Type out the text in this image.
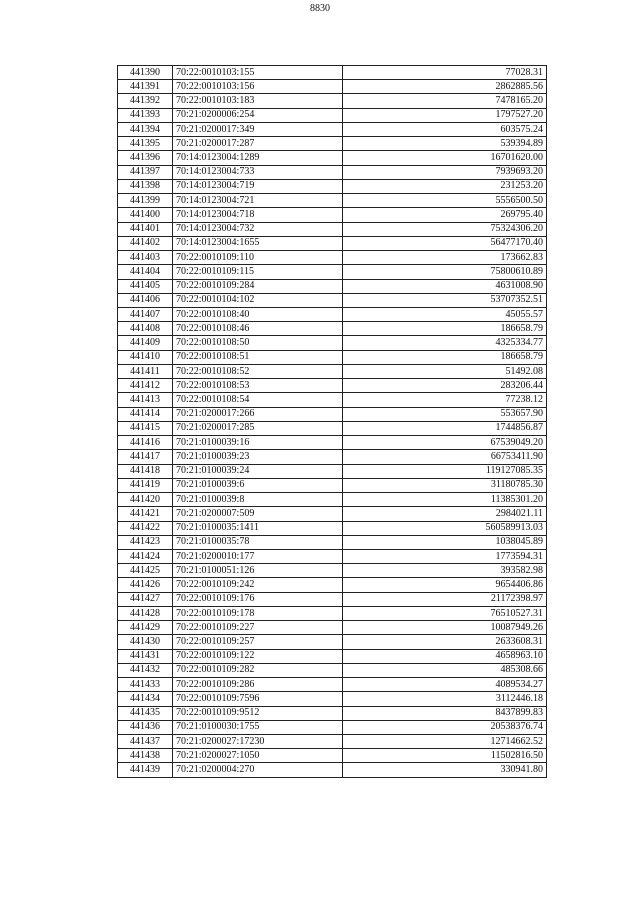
8830
441390	70:22:0010103:155	77028.31
441391	70:22:0010103:156	2862885.56
441392	70:22:0010103:183	7478165.20
441393	70:21:0200006:254	1797527.20
441394	70:21:0200017:349	603575.24
441395	70:21:0200017:287	539394.89
441396	70:14:0123004:1289	16701620.00
441397	70:14:0123004:733	7939693.20
441398	70:14:0123004:719	231253.20
441399	70:14:0123004:721	5556500.50
441400	70:14:0123004:718	269795.40
441401	70:14:0123004:732	75324306.20
441402	70:14:0123004:1655	56477170.40
441403	70:22:0010109:110	173662.83
441404	70:22:0010109:115	75800610.89
441405	70:22:0010109:284	4631008.90
441406	70:22:0010104:102	53707352.51
441407	70:22:0010108:40	45055.57
441408	70:22:0010108:46	186658.79
441409	70:22:0010108:50	4325334.77
441410	70:22:0010108:51	186658.79
441411	70:22:0010108:52	51492.08
441412	70:22:0010108:53	283206.44
441413	70:22:0010108:54	77238.12
441414	70:21:0200017:266	553657.90
441415	70:21:0200017:285	1744856.87
441416	70:21:0100039:16	67539049.20
441417	70:21:0100039:23	66753411.90
441418	70:21:0100039:24	119127085.35
441419	70:21:0100039:6	31180785.30
441420	70:21:0100039:8	11385301.20
441421	70:21:0200007:509	2984021.11
441422	70:21:0100035:1411	560589913.03
441423	70:21:0100035:78	1038045.89
441424	70:21:0200010:177	1773594.31
441425	70:21:0100051:126	393582.98
441426	70:22:0010109:242	9654406.86
441427	70:22:0010109:176	21172398.97
441428	70:22:0010109:178	76510527.31
441429	70:22:0010109:227	10087949.26
441430	70:22:0010109:257	2633608.31
441431	70:22:0010109:122	4658963.10
441432	70:22:0010109:282	485308.66
441433	70:22:0010109:286	4089534.27
441434	70:22:0010109:7596	3112446.18
441435	70:22:0010109:9512	8437899.83
441436	70:21:0100030:1755	20538376.74
441437	70:21:0200027:17230	12714662.52
441438	70:21:0200027:1050	11502816.50
441439	70:21:0200004:270	330941.80
